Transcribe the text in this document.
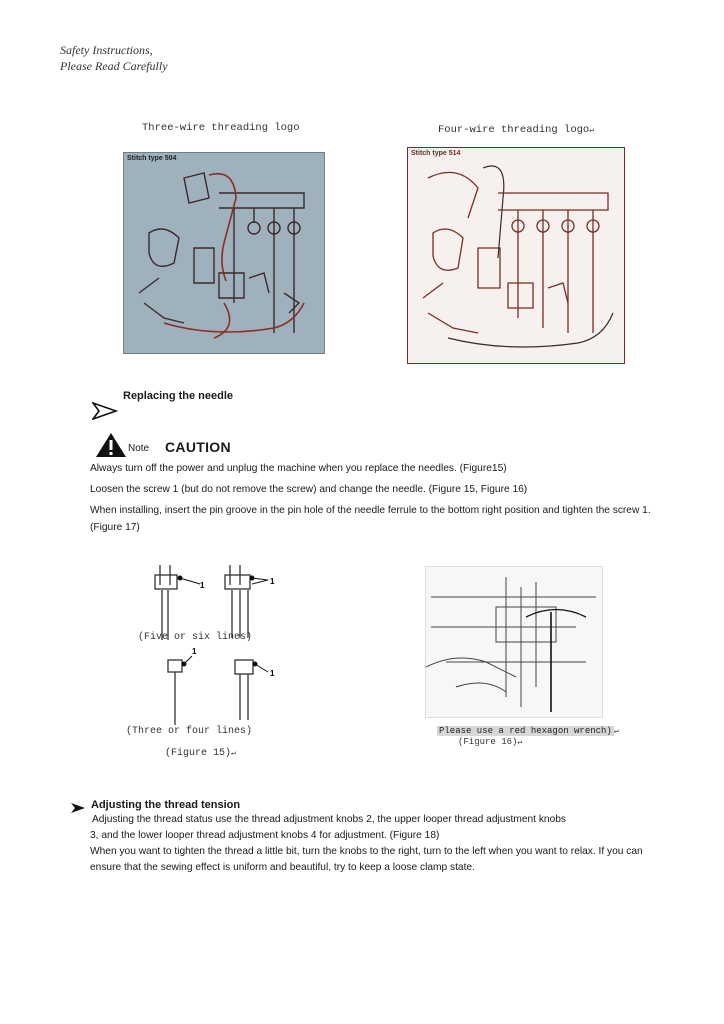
Safety Instructions,
Please Read Carefully
Three-wire threading logo	Four-wire threading logo↵
Stitch type 504
Stitch type 514
Replacing the needle
Note CAUTION
Always turn off the power and unplug the machine when you replace the needles. (Figure15)
Loosen the screw 1 (but do not remove the screw) and change the needle. (Figure 15, Figure 16)
When installing, insert the pin groove in the pin hole of the needle ferrule to the bottom right position and tighten the screw 1.(Figure 17)
1	1
1
1
(Five or six lines)
(Three or four lines)
(Figure 15)↵
Please use a red hexagon wrench) ↵
(Figure 16)↵
Adjusting the thread tension
Adjusting the thread status use the thread adjustment knobs 2, the upper looper thread adjustment knobs
3, and the lower looper thread adjustment knobs 4 for adjustment. (Figure 18)
When you want to tighten the thread a little bit, turn the knobs to the right, turn to the left when you want to relax. If you can ensure that the sewing effect is uniform and beautiful, try to keep a loose clamp state.
